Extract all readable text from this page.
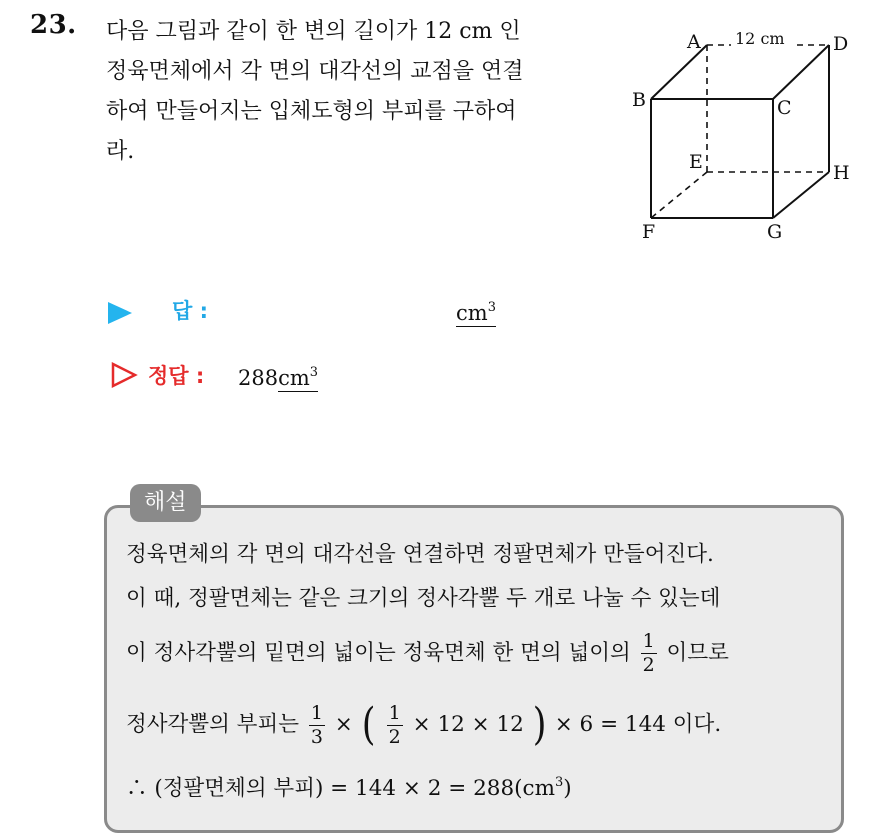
23. 다음 그림과 같이 한 변의 길이가 12 cm 인
정육면체에서 각 면의 대각선의 교점을 연결
하여 만들어지는 입체도형의 부피를 구하여
라.
A 12 cm	D
B	C
E	H
F	G
답 :	$cm^3$
정답 : $288cm^3$
해설
정육면체의 각 면의 대각선을 연결하면 정팔면체가 만들어진다.
이 때, 정팔면체는 같은 크기의 정사각뿔 두 개로 나눌 수 있는데
이 정사각뿔의 밑면의 넓이는 정육면체 한 면의 넓이의 $\frac{1}{2}$ 이므로
정사각뿔의 부피는 $\frac{1}{3}$ × ( $\frac{1}{2} \times 12 \times 12$ ) × 6 = 144 이다.
∴ (정팔면체의 부피) = $144 \times 2 = 288(cm^3)$
